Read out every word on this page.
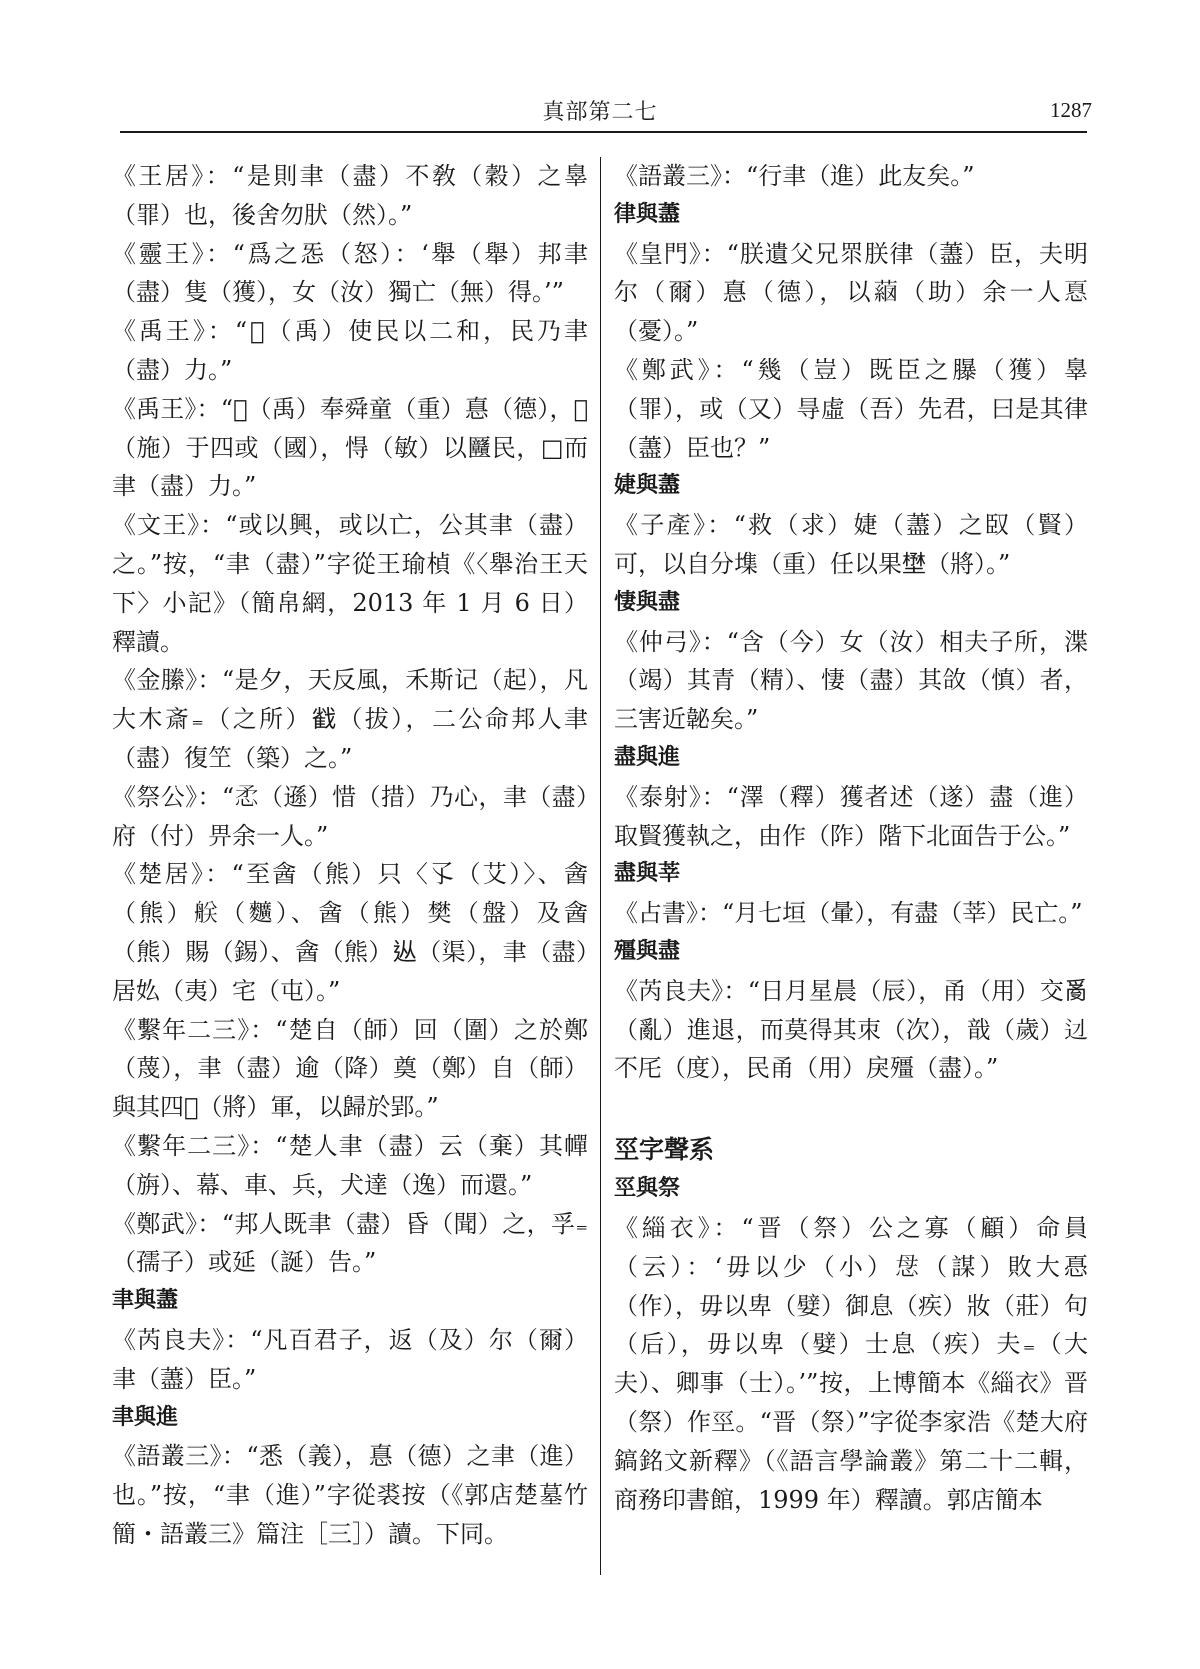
真部第二七	1287

《王居》：“是則聿（盡）不敎（穀）之辠（罪）也，後舍勿肰（然）。”

《靈王》：“爲之㤅（怒）：‘舉（舉）邦聿（盡）隻（獲），女（汝）獨亡（無）得。’”

《禹王》：“𡉇（禹）使民以二和，民乃聿（盡）力。”

《禹王》：“𡉇（禹）奉舜童（重）惪（德），𢻫（施）于四或（國），㥂（敏）以㔶民，□而聿（盡）力。”

《文王》：“或以興，或以亡，公其聿（盡）之。”按，“聿（盡）”字從王瑜楨《〈舉治王天下〉小記》（簡帛網，2013 年 1 月 6 日）釋讀。

《金縢》：“是夕，天反風，禾斯记（起），凡大木斎₌（之所）𢧵（拔），二公命邦人聿（盡）復笁（築）之。”

《祭公》：“𢘅（遜）惜（措）乃心，聿（盡）府（付）畀余一人。”

《楚居》：“至酓（熊）只〈孓（艾）〉、酓（熊）𦨶（𪍿）、酓（熊）樊（盤）及酓（熊）賜（錫）、酓（熊）𨑹（渠），聿（盡）居𡚸（夷）宅（屯）。”

《繫年二三》：“楚自（師）回（圍）之於鄭（蔑），聿（盡）逾（降）奠（鄭）自（師）與其四𨗛（將）軍，以歸於郢。”

《繫年二三》：“楚人聿（盡）云（棄）其幝（旃）、幕、車、兵，犬達（逸）而還。”

《鄭武》：“邦人既聿（盡）昏（聞）之，孚₌（孺子）或延（誕）告。”

聿與藎

《芮良夫》：“凡百君子，返（及）尔（爾）聿（藎）臣。”

聿與進

《語叢三》：“悉（義），惪（德）之聿（進）也。”按，“聿（進）”字從裘按（《郭店楚墓竹簡・語叢三》篇注［三］）讀。下同。

《語叢三》：“行聿（進）此友矣。”

律與藎

《皇門》：“朕遺父兄眔朕律（藎）臣，夫明尔（爾）惪（德），以𦸖（助）余一人𢝊（憂）。”

《鄭武》：“幾（豈）既臣之𦢊（獲）辠（罪），或（又）㝵虛（吾）先君，曰是其律（藎）臣也？”

婕與藎

《子產》：“救（求）婕（藎）之臤（賢）可，以自分㙫（重）任以果𡐨（將）。”

悽與盡

《仲弓》：“含（今）女（汝）相夫子所，渫（竭）其青（精）、悽（盡）其㪉（慎）者，三害近䪐矣。”

盡與進

《泰射》：“澤（釋）獲者述（遂）盡（進）取賢獲執之，由作（阼）階下北面告于公。”

盡與莘

《占書》：“月七垣（暈），有盡（莘）民亡。”

殭與盡

《芮良夫》：“日月星晨（辰），甬（用）交𤔔（亂）進退，而莫得其朿（次），戠（歲）𨑎不厇（度），民甬（用）戾殭（盡）。”

巠字聲系

巠與祭

《緇衣》：“晋（祭）公之寡（顧）命員（云）：‘毋以少（小）𢘓（謀）敗大㥑（作），毋以卑（嬖）御息（疾）妝（莊）句（后），毋以卑（嬖）士息（疾）夫₌（大夫）、卿事（士）。’”按，上博簡本《緇衣》晋（祭）作巠。“晋（祭）”字從李家浩《楚大府鎬銘文新釋》（《語言學論叢》第二十二輯，商務印書館，1999 年）釋讀。郭店簡本
